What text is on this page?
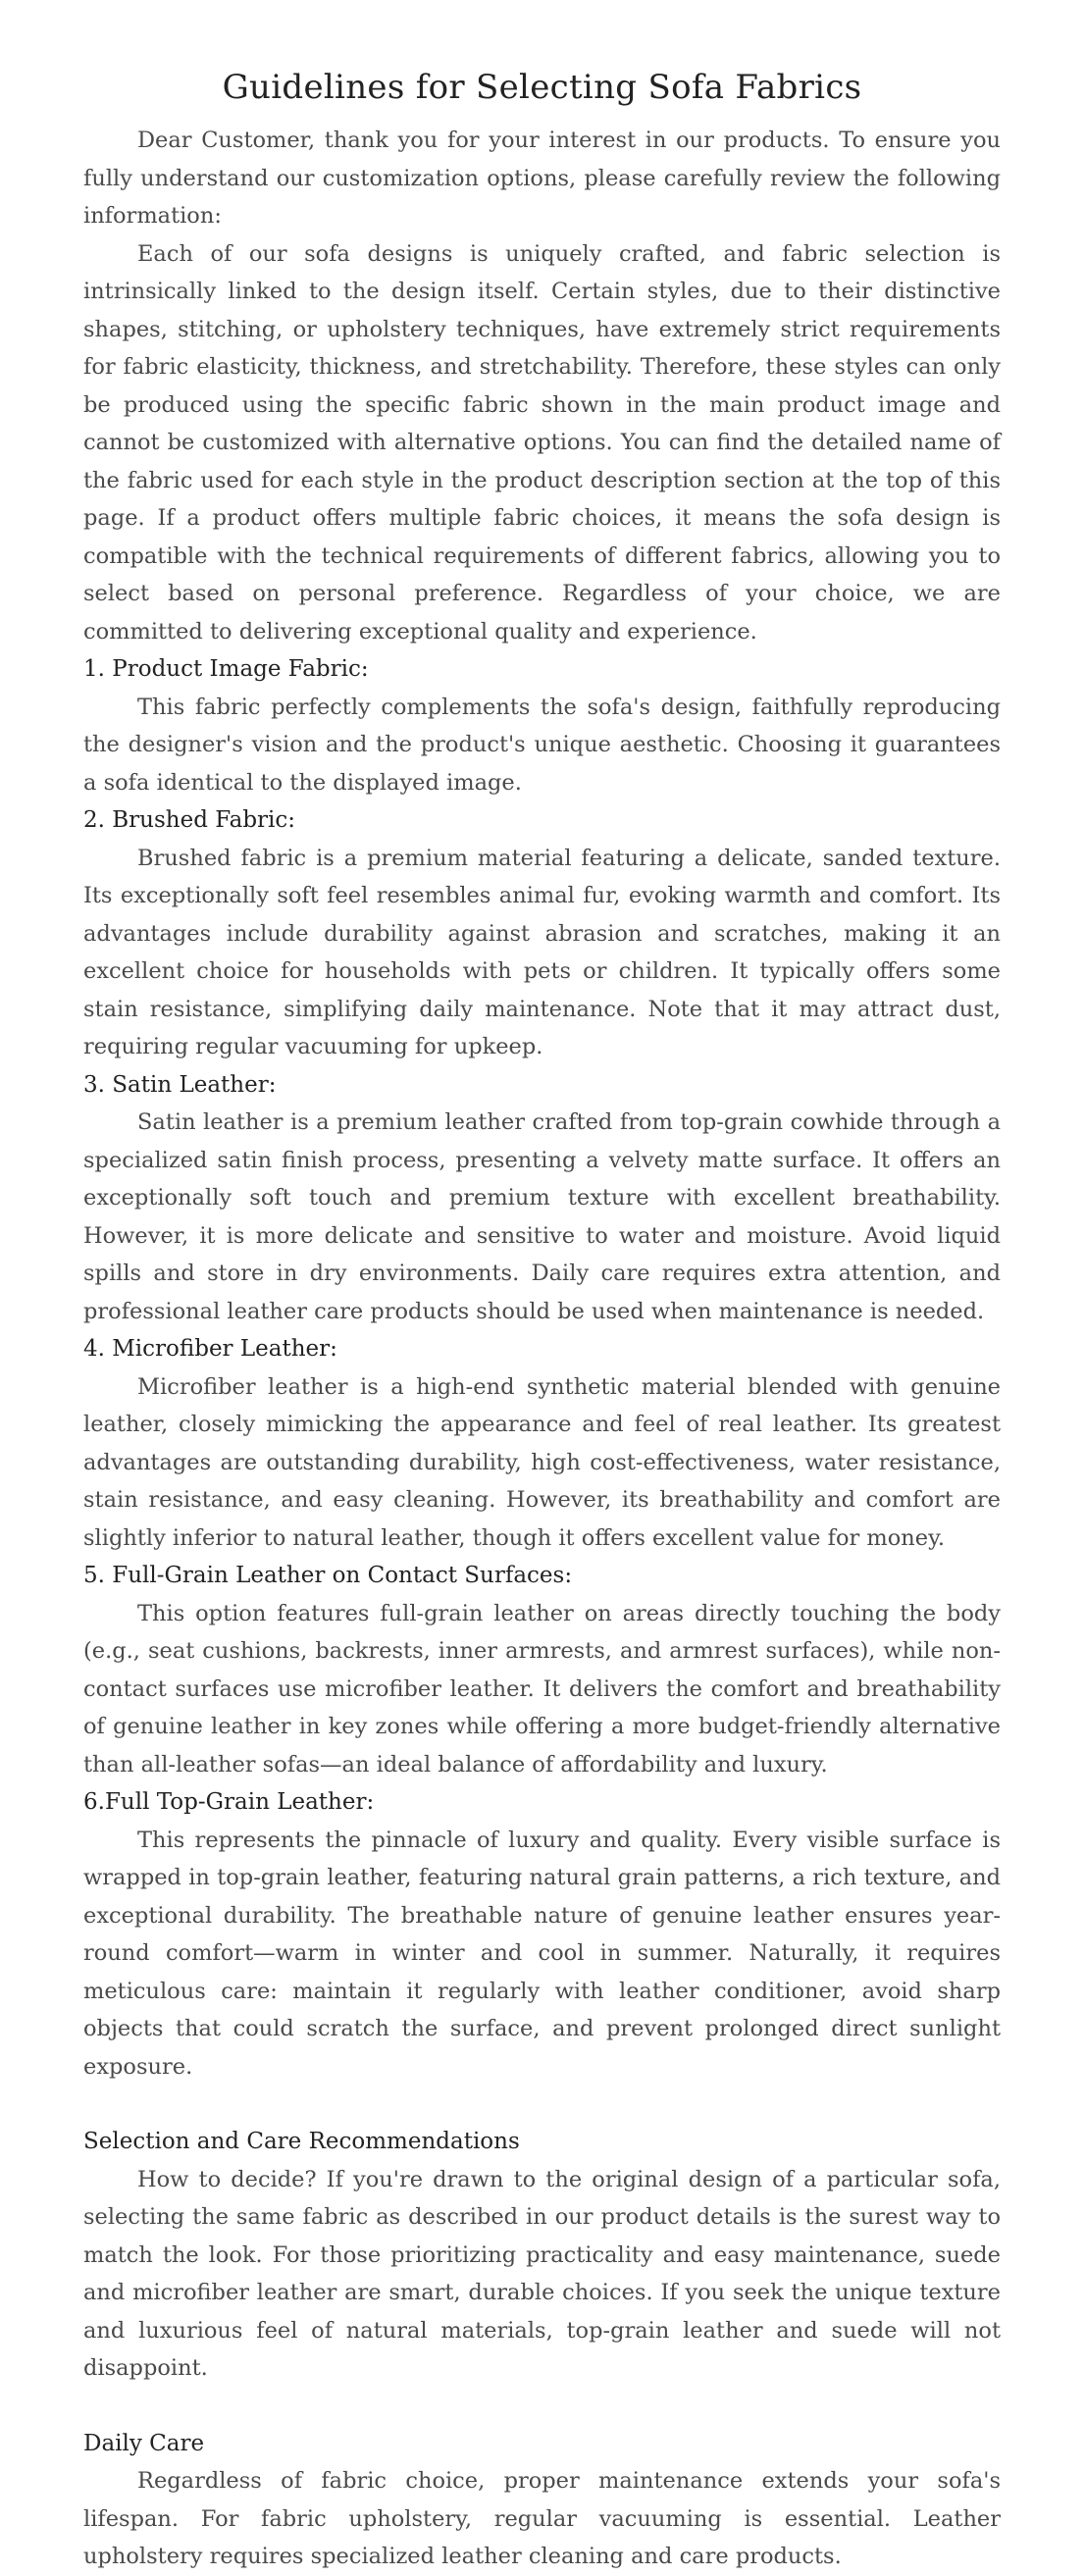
Guidelines for Selecting Sofa Fabrics

Dear Customer, thank you for your interest in our products. To ensure you fully understand our customization options, please carefully review the following information:

Each of our sofa designs is uniquely crafted, and fabric selection is intrinsically linked to the design itself. Certain styles, due to their distinctive shapes, stitching, or upholstery techniques, have extremely strict requirements for fabric elasticity, thickness, and stretchability. Therefore, these styles can only be produced using the specific fabric shown in the main product image and cannot be customized with alternative options. You can find the detailed name of the fabric used for each style in the product description section at the top of this page. If a product offers multiple fabric choices, it means the sofa design is compatible with the technical requirements of different fabrics, allowing you to select based on personal preference. Regardless of your choice, we are committed to delivering exceptional quality and experience.

1. Product Image Fabric:

This fabric perfectly complements the sofa's design, faithfully reproducing the designer's vision and the product's unique aesthetic. Choosing it guarantees a sofa identical to the displayed image.

2. Brushed Fabric:

Brushed fabric is a premium material featuring a delicate, sanded texture. Its exceptionally soft feel resembles animal fur, evoking warmth and comfort. Its advantages include durability against abrasion and scratches, making it an excellent choice for households with pets or children. It typically offers some stain resistance, simplifying daily maintenance. Note that it may attract dust, requiring regular vacuuming for upkeep.

3. Satin Leather:

Satin leather is a premium leather crafted from top-grain cowhide through a specialized satin finish process, presenting a velvety matte surface. It offers an exceptionally soft touch and premium texture with excellent breathability. However, it is more delicate and sensitive to water and moisture. Avoid liquid spills and store in dry environments. Daily care requires extra attention, and professional leather care products should be used when maintenance is needed.

4. Microfiber Leather:

Microfiber leather is a high-end synthetic material blended with genuine leather, closely mimicking the appearance and feel of real leather. Its greatest advantages are outstanding durability, high cost-effectiveness, water resistance, stain resistance, and easy cleaning. However, its breathability and comfort are slightly inferior to natural leather, though it offers excellent value for money.

5. Full-Grain Leather on Contact Surfaces:

This option features full-grain leather on areas directly touching the body (e.g., seat cushions, backrests, inner armrests, and armrest surfaces), while non-contact surfaces use microfiber leather. It delivers the comfort and breathability of genuine leather in key zones while offering a more budget-friendly alternative than all-leather sofas—an ideal balance of affordability and luxury.

6.Full Top-Grain Leather:

This represents the pinnacle of luxury and quality. Every visible surface is wrapped in top-grain leather, featuring natural grain patterns, a rich texture, and exceptional durability. The breathable nature of genuine leather ensures year-round comfort—warm in winter and cool in summer. Naturally, it requires meticulous care: maintain it regularly with leather conditioner, avoid sharp objects that could scratch the surface, and prevent prolonged direct sunlight exposure.

Selection and Care Recommendations

How to decide? If you're drawn to the original design of a particular sofa, selecting the same fabric as described in our product details is the surest way to match the look. For those prioritizing practicality and easy maintenance, suede and microfiber leather are smart, durable choices. If you seek the unique texture and luxurious feel of natural materials, top-grain leather and suede will not disappoint.

Daily Care

Regardless of fabric choice, proper maintenance extends your sofa's lifespan. For fabric upholstery, regular vacuuming is essential. Leather upholstery requires specialized leather cleaning and care products.
